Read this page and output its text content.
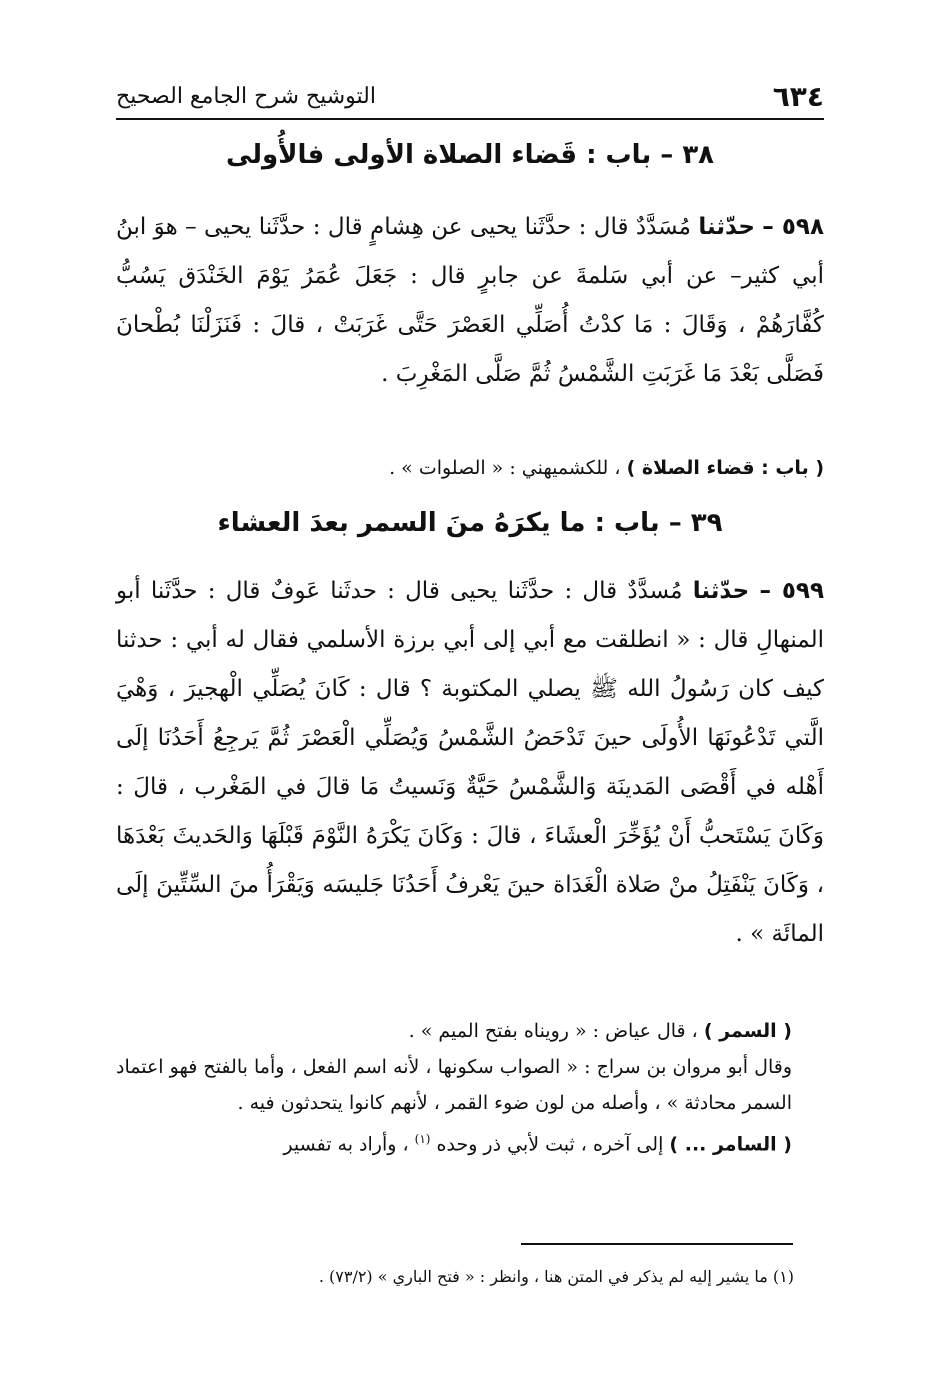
٦٣٤
التوشيح شرح الجامع الصحيح
٣٨ – باب : قَضاء الصلاة الأولى فالأُولى
٥٩٨ – حدّثنا مُسَدَّدٌ قال : حدَّثَنا يحيى عن هِشامٍ قال : حدَّثَنا يحيى – هوَ ابنُ أبي كثير– عن أبي سَلمةَ عن جابرٍ قال : جَعَلَ عُمَرُ يَوْمَ الخَنْدَق يَسُبُّ كُفَّارَهُمْ ، وَقَالَ : مَا كدْتُ أُصَلِّي العَصْرَ حَتَّى غَرَبَتْ ، قالَ : فَنَزَلْنَا بُطْحانَ فَصَلَّى بَعْدَ مَا غَرَبَتِ الشَّمْسُ ثُمَّ صَلَّى المَغْرِبَ .
( باب : قضاء الصلاة ) ، للكشميهني : « الصلوات » .
٣٩ – باب : ما يكرَهُ منَ السمر بعدَ العشاء
٥٩٩ – حدّثنا مُسدَّدٌ قال : حدَّثَنا يحيى قال : حدثَنا عَوفٌ قال : حدَّثَنا أبو المنهالِ قال : « انطلقت مع أبي إلى أبي برزة الأسلمي فقال له أبي : حدثنا كيف كان رَسُولُ الله ﷺ يصلي المكتوبة ؟ قال : كَانَ يُصَلِّي الْهجيرَ ، وَهْيَ الَّتي تَدْعُونَهَا الأُولَى حينَ تَدْحَضُ الشَّمْسُ وَيُصَلِّي الْعَصْرَ ثُمَّ يَرجِعُ أَحَدُنَا إلَى أَهْله في أَقْصَى المَدينَة وَالشَّمْسُ حَيَّةٌ وَنَسيتُ مَا قالَ في المَغْرب ، قالَ : وَكَانَ يَسْتَحبُّ أَنْ يُؤَخِّرَ الْعشَاءَ ، قالَ : وَكَانَ يَكْرَهُ النَّوْمَ قَبْلَهَا وَالحَديثَ بَعْدَهَا ، وَكَانَ يَنْفَتِلُ منْ صَلاة الْغَدَاة حينَ يَعْرفُ أَحَدُنَا جَليسَه وَيَقْرَأُ منَ السِّتِّينَ إلَى المائَة » .
( السمر ) ، قال عياض : « رويناه بفتح الميم » .
وقال أبو مروان بن سراج : « الصواب سكونها ، لأنه اسم الفعل ، وأما بالفتح فهو اعتماد السمر محادثة » ، وأصله من لون ضوء القمر ، لأنهم كانوا يتحدثون فيه .
( السامر ... ) إلى آخره ، ثبت لأبي ذر وحده $^{(١)}$ ، وأراد به تفسير
(١) ما يشير إليه لم يذكر في المتن هنا ، وانظر : « فتح الباري » (٧٣/٢) .
